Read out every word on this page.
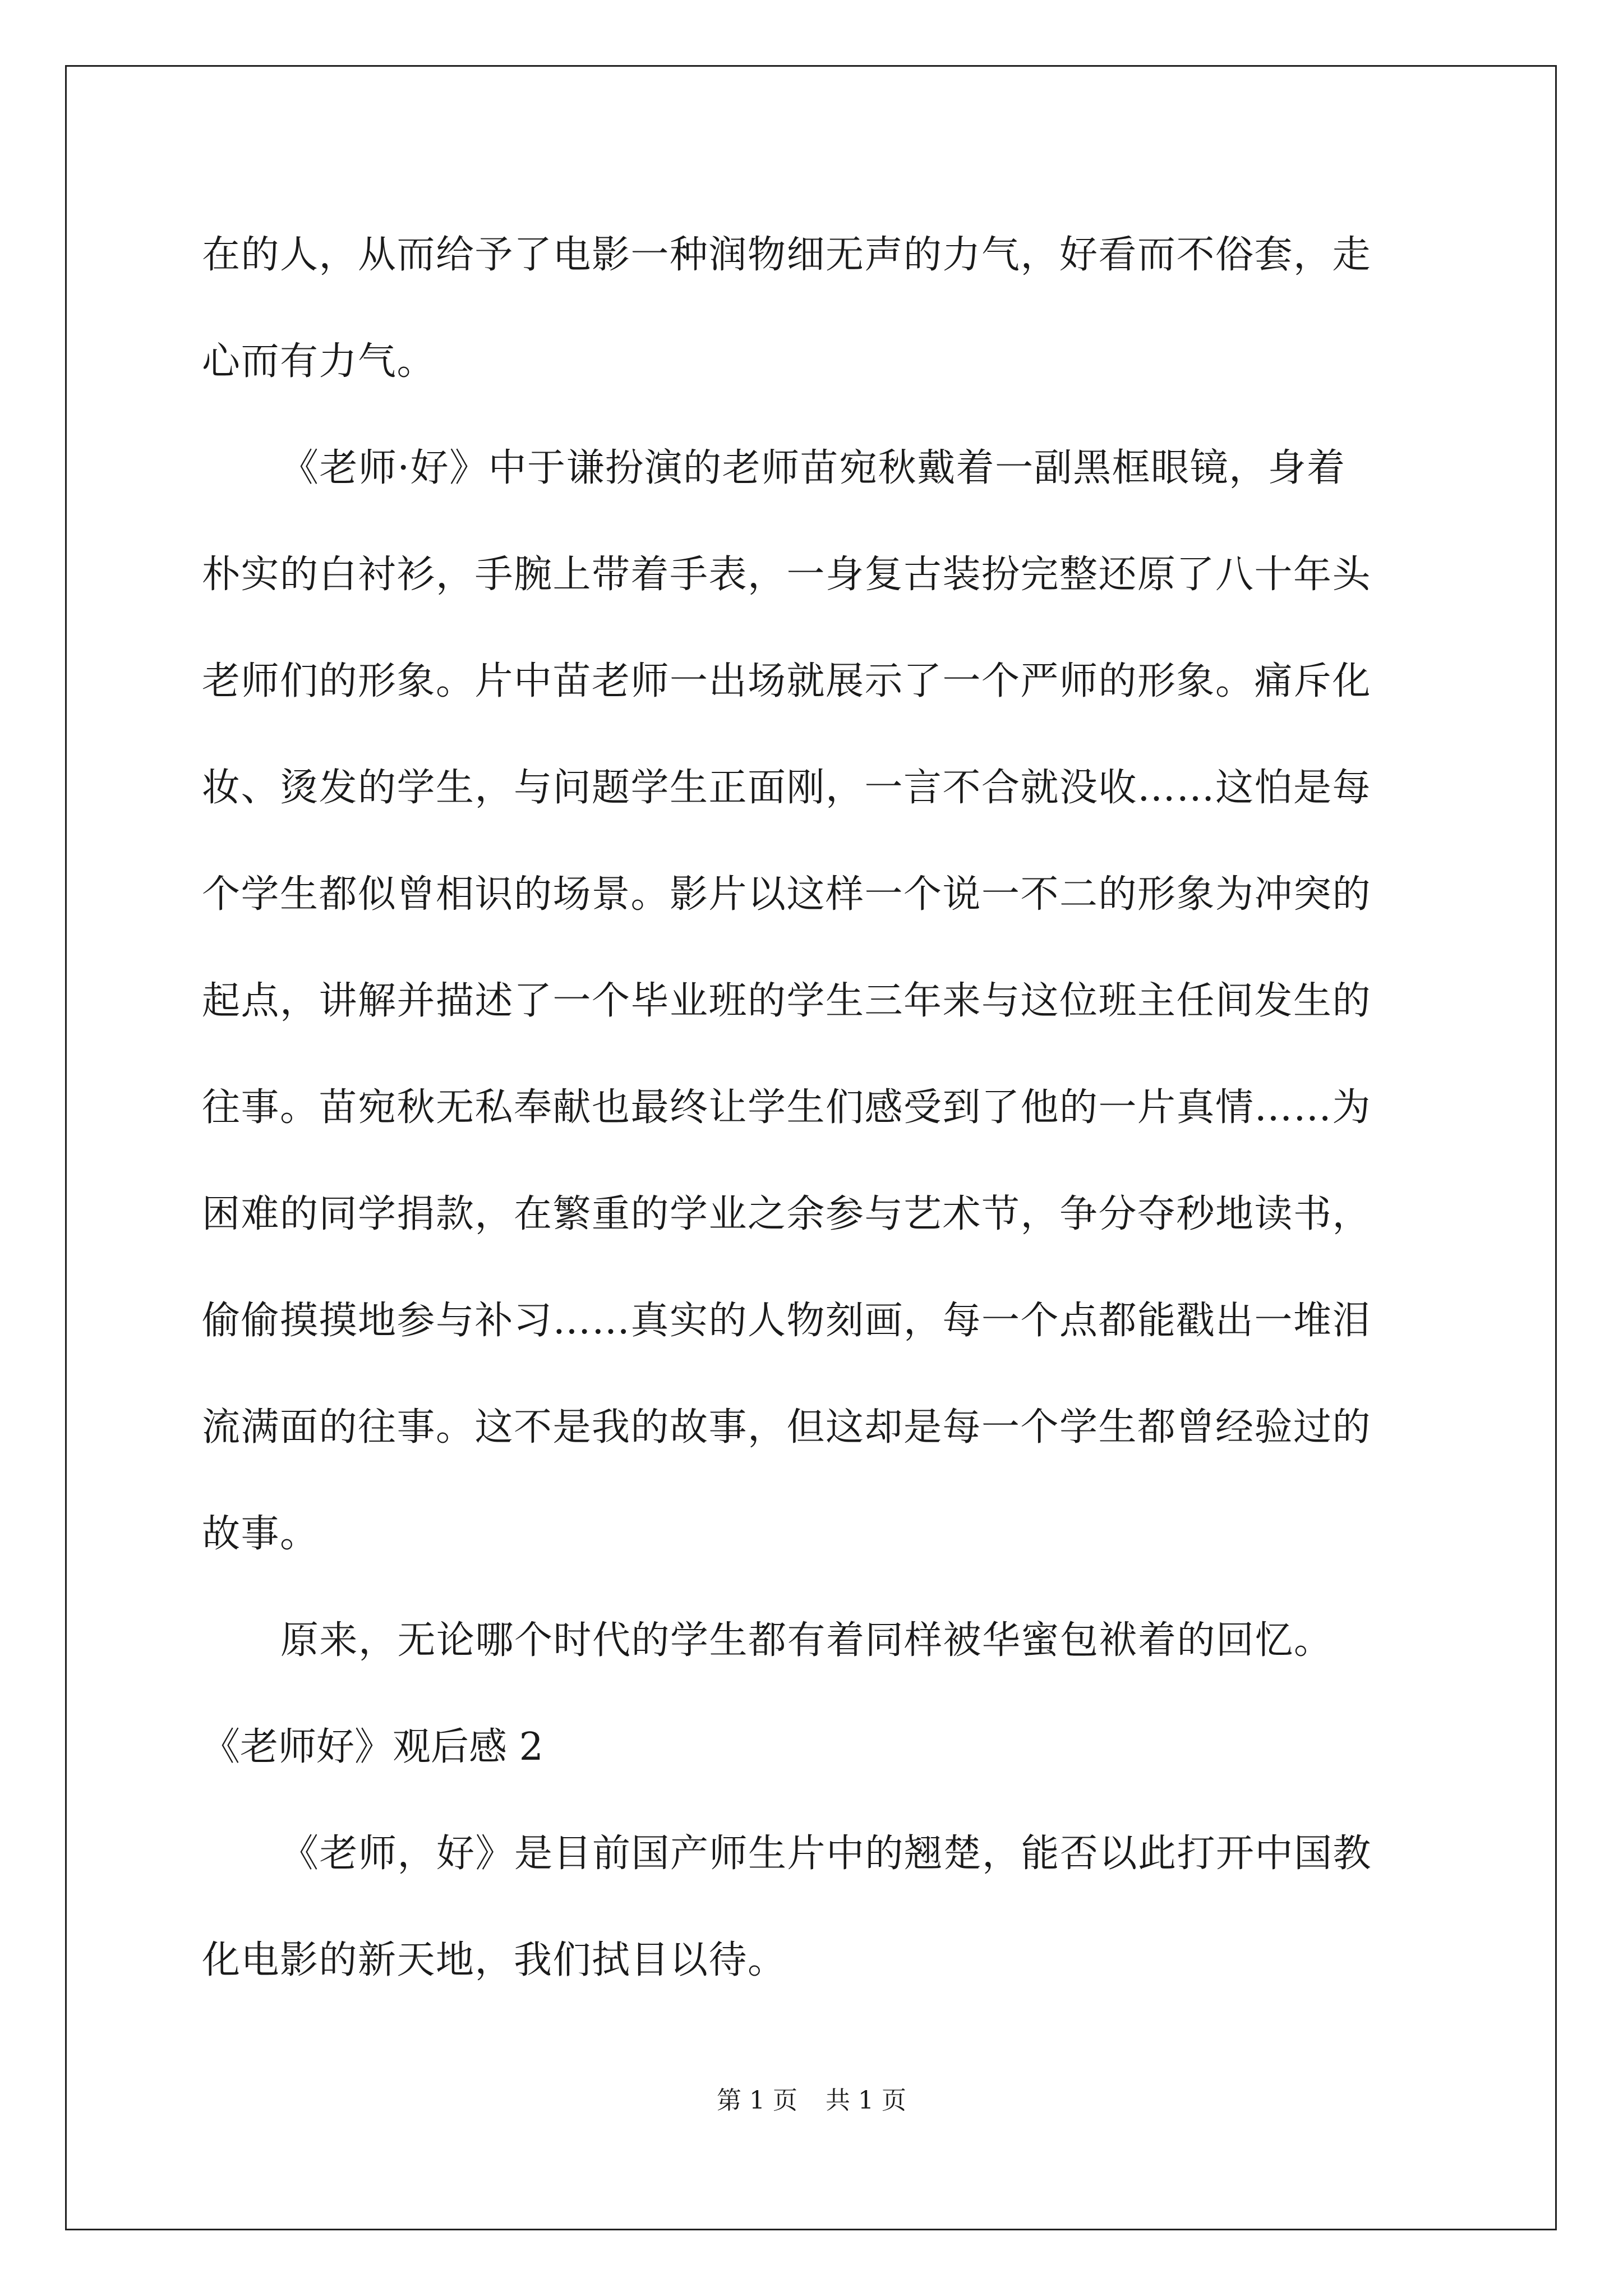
在的人，从而给予了电影一种润物细无声的力气，好看而不俗套，走
心而有力气。
《老师·好》中于谦扮演的老师苗宛秋戴着一副黑框眼镜，身着
朴实的白衬衫，手腕上带着手表，一身复古装扮完整还原了八十年头
老师们的形象。片中苗老师一出场就展示了一个严师的形象。痛斥化
妆、烫发的学生，与问题学生正面刚，一言不合就没收……这怕是每
个学生都似曾相识的场景。影片以这样一个说一不二的形象为冲突的
起点，讲解并描述了一个毕业班的学生三年来与这位班主任间发生的
往事。苗宛秋无私奉献也最终让学生们感受到了他的一片真情……为
困难的同学捐款，在繁重的学业之余参与艺术节，争分夺秒地读书，
偷偷摸摸地参与补习……真实的人物刻画，每一个点都能戳出一堆泪
流满面的往事。这不是我的故事，但这却是每一个学生都曾经验过的
故事。
原来，无论哪个时代的学生都有着同样被华蜜包袱着的回忆。
《老师好》观后感 2
《老师，好》是目前国产师生片中的翘楚，能否以此打开中国教
化电影的新天地，我们拭目以待。
第 1 页 共 1 页
